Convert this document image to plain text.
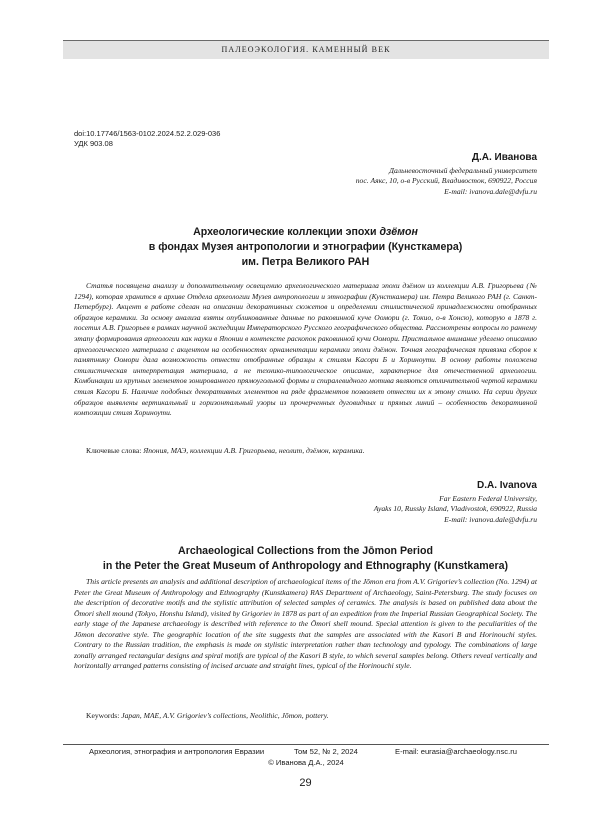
ПАЛЕОЭКОЛОГИЯ. КАМЕННЫЙ ВЕК
doi:10.17746/1563-0102.2024.52.2.029-036
УДК 903.08
Д.А. Иванова
Дальневосточный федеральный университет
пос. Аякс, 10, о-в Русский, Владивосток, 690922, Россия
E-mail: ivanova.dale@dvfu.ru
Археологические коллекции эпохи дзёмон
в фондах Музея антропологии и этнографии (Кунсткамера)
им. Петра Великого РАН
Статья посвящена анализу и дополнительному освещению археологического материала эпохи дзёмон из коллекции А.В. Григорьева (№ 1294), которая хранится в архиве Отдела археологии Музея антропологии и этнографии (Кунсткамера) им. Петра Великого РАН (г. Санкт-Петербург). Акцент в работе сделан на описании декоративных сюжетов и определении стилистической принадлежности отобранных образцов керамики. За основу анализа взяты опубликованные данные по раковинной куче Оомори (г. Токио, о-в Хонсю), которую в 1878 г. посетил А.В. Григорьев в рамках научной экспедиции Императорского Русского географического общества. Рассмотрены вопросы по раннему этапу формирования археологии как науки в Японии в контексте раскопок раковинной кучи Оомори. Пристальное внимание уделено описанию археологического материала с акцентом на особенностях орнаментации керамики эпохи дзёмон. Точная географическая привязка сборов к памятнику Оомори дала возможность отнести отобранные образцы к стилям Касори Б и Хориноути. В основу работы положена стилистическая интерпретация материала, а не технико-типологическое описание, характерное для отечественной археологии. Комбинации из крупных элементов зонированного прямоугольной формы и спиралевидного мотива являются отличительной чертой керамики стиля Касори Б. Наличие подобных декоративных элементов на ряде фрагментов позволяет отнести их к этому стилю. На серии других образцов выявлены вертикальный и горизонтальный узоры из прочерченных дуговидных и прямых линий – особенность декоративной композиции стиля Хориноути.
Ключевые слова: Япония, МАЭ, коллекции А.В. Григорьева, неолит, дзёмон, керамика.
D.A. Ivanova
Far Eastern Federal University,
Ayaks 10, Russky Island, Vladivostok, 690922, Russia
E-mail: ivanova.dale@dvfu.ru
Archaeological Collections from the Jōmon Period
in the Peter the Great Museum of Anthropology and Ethnography (Kunstkamera)
This article presents an analysis and additional description of archaeological items of the Jōmon era from A.V. Grigoriev’s collection (No. 1294) at Peter the Great Museum of Anthropology and Ethnography (Kunstkamera) RAS Department of Archaeology, Saint-Petersburg. The study focuses on the description of decorative motifs and the stylistic attribution of selected samples of ceramics. The analysis is based on published data about the Ōmori shell mound (Tokyo, Honshu Island), visited by Grigoriev in 1878 as part of an expedition from the Imperial Russian Geographical Society. The early stage of the Japanese archaeology is described with reference to the Ōmori shell mound. Special attention is given to the peculiarities of the Jōmon decorative style. The geographic location of the site suggests that the samples are associated with the Kasori B and Horinouchi styles. Contrary to the Russian tradition, the emphasis is made on stylistic interpretation rather than technology and typology. The combinations of large zonally arranged rectangular designs and spiral motifs are typical of the Kasori B style, to which several samples belong. Others reveal vertically and horizontally arranged patterns consisting of incised arcuate and straight lines, typical of the Horinouchi style.
Keywords: Japan, MAE, A.V. Grigoriev’s collections, Neolithic, Jōmon, pottery.
Археология, этнография и антропология Евразии	Том 52, № 2, 2024	E-mail: eurasia@archaeology.nsc.ru
© Иванова Д.А., 2024
29
